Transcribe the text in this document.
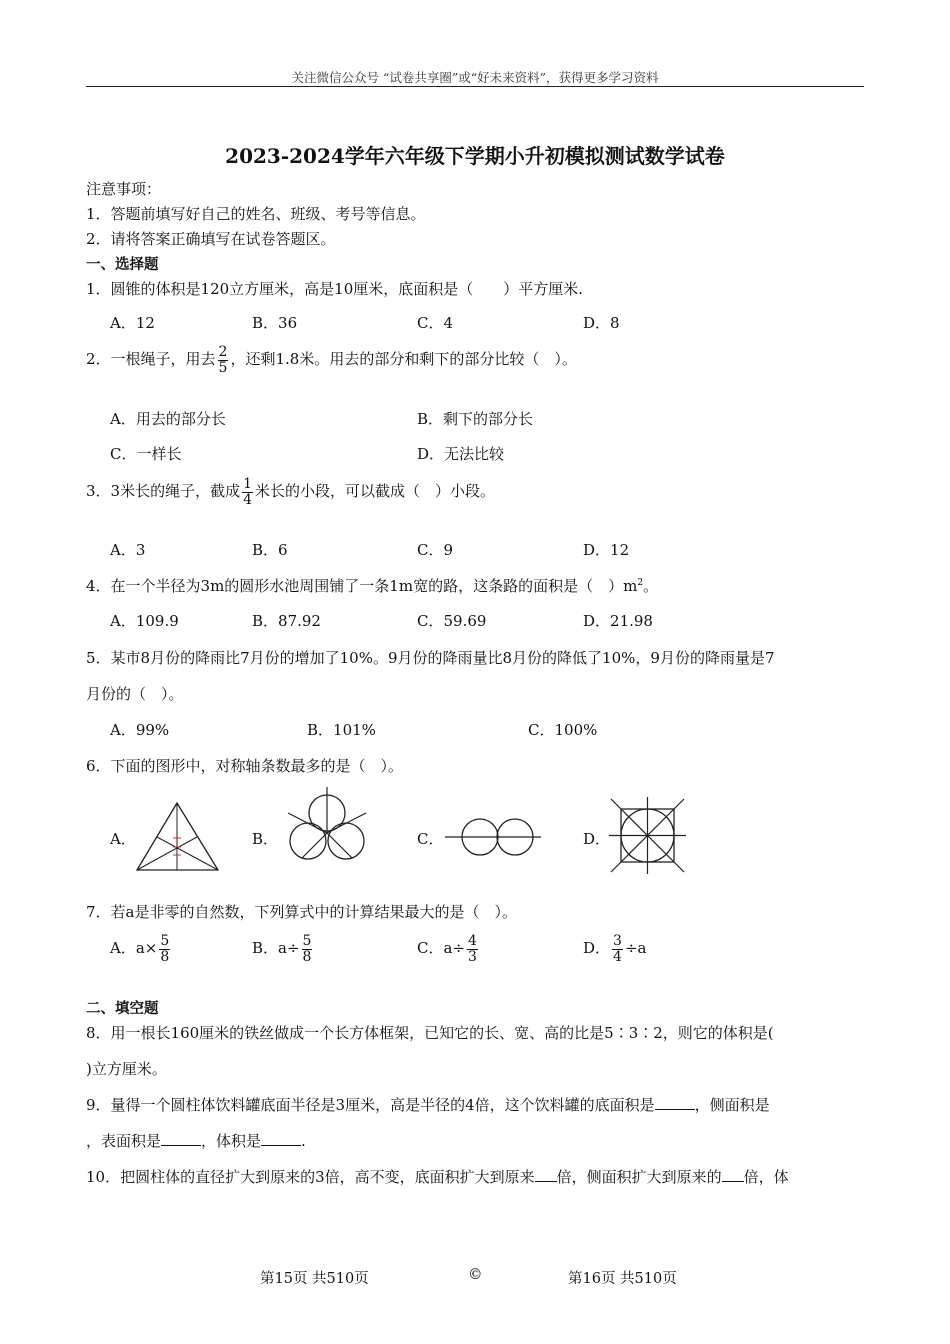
关注微信公众号 “试卷共享圈”或“好未来资料”，获得更多学习资料
2023-2024学年六年级下学期小升初模拟测试数学试卷
注意事项：
1．答题前填写好自己的姓名、班级、考号等信息。
2．请将答案正确填写在试卷答题区。
一、选择题
1．圆锥的体积是120立方厘米，高是10厘米，底面积是（　　）平方厘米.
A．12	B．36	C．4	D．8
2．一根绳子，用去 $\frac{2}{5}$ ，还剩1.8米。用去的部分和剩下的部分比较（　）。
A．用去的部分长	B．剩下的部分长
C．一样长	D．无法比较
3．3米长的绳子，截成 $\frac{1}{4}$ 米长的小段，可以截成（　）小段。
A．3	B．6	C．9	D．12
4．在一个半径为3m的圆形水池周围铺了一条1m宽的路，这条路的面积是（　）$m^2$。
A．109.9	B．87.92	C．59.69	D．21.98
5．某市8月份的降雨比7月份的增加了10%。9月份的降雨量比8月份的降低了10%，9月份的降雨量是7
月份的（　）。
A．99%	B．101%	C．100%
6．下面的图形中，对称轴条数最多的是（　）。
A．	B．	C．	D．
7．若a是非零的自然数，下列算式中的计算结果最大的是（　）。
A．$a\times \frac{5}{8}$	B．$a\div \frac{5}{8}$	C．$a\div \frac{4}{3}$	D． $\frac{3}{4} \div a$
二、填空题
8．用一根长160厘米的铁丝做成一个长方体框架，已知它的长、宽、高的比是5∶3∶2，则它的体积是(
)立方厘米。
9．量得一个圆柱体饮料罐底面半径是3厘米，高是半径的4倍，这个饮料罐的底面积是	，侧面积是
，表面积是	，体积是	.
10．把圆柱体的直径扩大到原来的3倍，高不变，底面积扩大到原来 倍，侧面积扩大到原来的 倍，体
第15页 共510页	©	第16页 共510页
